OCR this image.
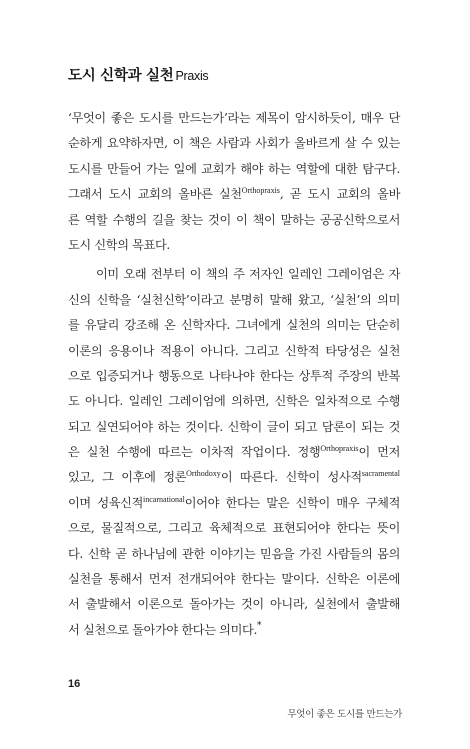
도시 신학과 실천 Praxis
‘무엇이 좋은 도시를 만드는가’라는 제목이 암시하듯이, 매우 단
순하게 요약하자면, 이 책은 사람과 사회가 올바르게 살 수 있는
도시를 만들어 가는 일에 교회가 해야 하는 역할에 대한 탐구다.
그래서 도시 교회의 올바른 실천$^{Orthopraxis}$, 곧 도시 교회의 올바
른 역할 수행의 길을 찾는 것이 이 책이 말하는 공공신학으로서
도시 신학의 목표다.
이미 오래 전부터 이 책의 주 저자인 일레인 그레이엄은 자
신의 신학을 ‘실천신학’이라고 분명히 말해 왔고, ‘실천’의 의미
를 유달리 강조해 온 신학자다. 그녀에게 실천의 의미는 단순히
이론의 응용이나 적용이 아니다. 그리고 신학적 타당성은 실천
으로 입증되거나 행동으로 나타나야 한다는 상투적 주장의 반복
도 아니다. 일레인 그레이엄에 의하면, 신학은 일차적으로 수행
되고 실연되어야 하는 것이다. 신학이 글이 되고 담론이 되는 것
은 실천 수행에 따르는 이차적 작업이다. 정행$^{Orthopraxis}$이 먼저
있고, 그 이후에 정론$^{Orthodoxy}$이 따른다. 신학이 성사적$^{sacramental}$
이며 성육신적$^{incarnational}$이어야 한다는 말은 신학이 매우 구체적
으로, 물질적으로, 그리고 육체적으로 표현되어야 한다는 뜻이
다. 신학 곧 하나님에 관한 이야기는 믿음을 가진 사람들의 몸의
실천을 통해서 먼저 전개되어야 한다는 말이다. 신학은 이론에
서 출발해서 이론으로 돌아가는 것이 아니라, 실천에서 출발해
서 실천으로 돌아가야 한다는 의미다.*
16
무엇이 좋은 도시를 만드는가
